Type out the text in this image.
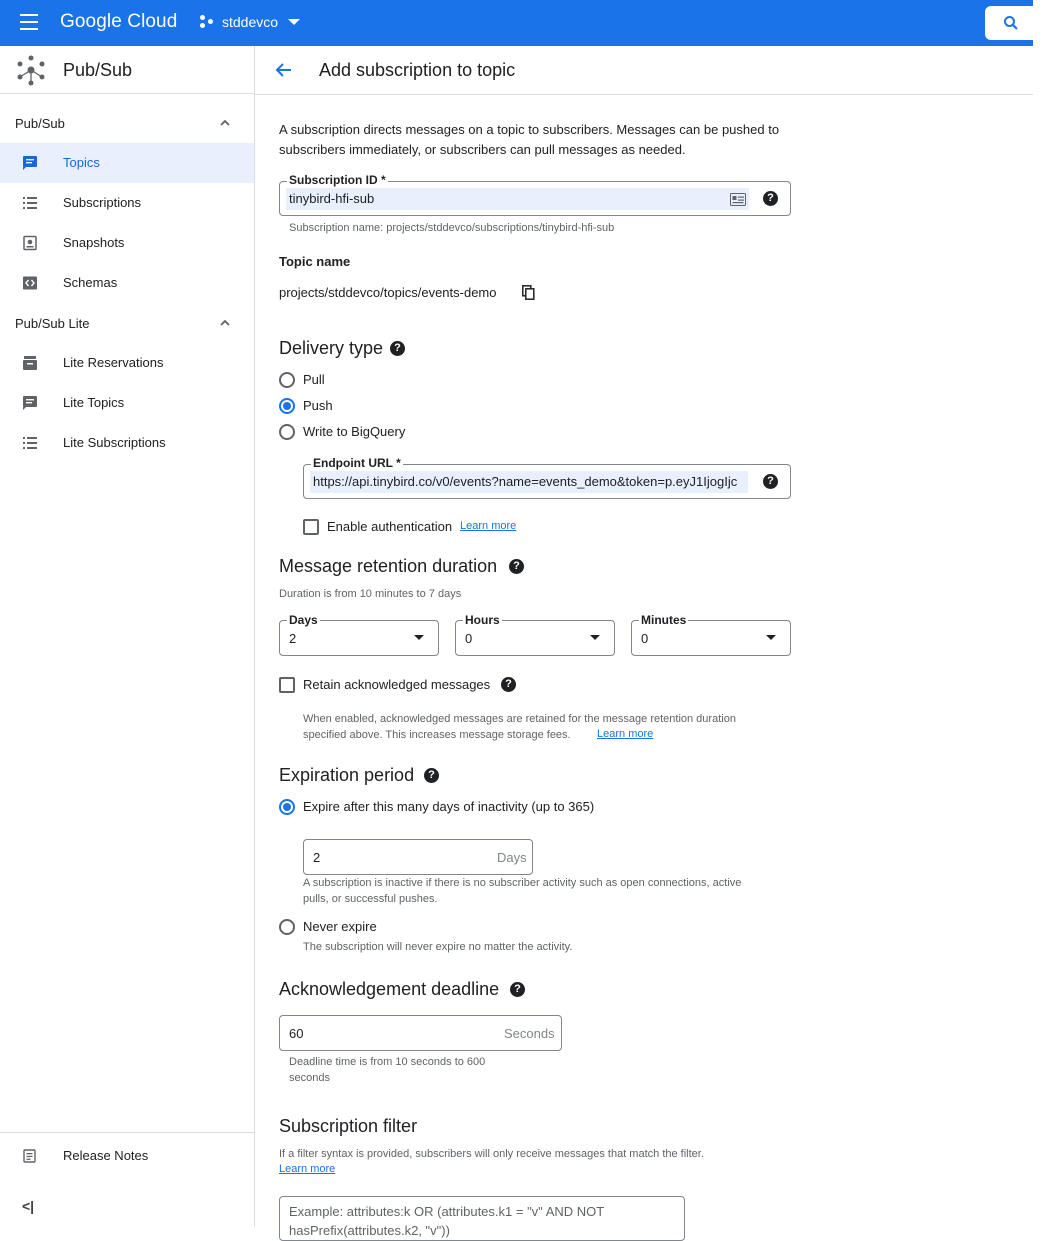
Google Cloud	stddevco
Pub/Sub
Pub/Sub
Topics
Subscriptions
Snapshots
Schemas
Pub/Sub Lite
Lite Reservations
Lite Topics
Lite Subscriptions
Release Notes
<|
Add subscription to topic
A subscription directs messages on a topic to subscribers. Messages can be pushed to subscribers immediately, or subscribers can pull messages as needed.
tinybird-hfi-sub	?
Subscription ID *
Subscription name: projects/stddevco/subscriptions/tinybird-hfi-sub
Topic name
projects/stddevco/topics/events-demo
Delivery type	?
Pull
Push
Write to BigQuery
https://api.tinybird.co/v0/events?name=events_demo&token=p.eyJ1IjogIjc	?
Endpoint URL *
Enable authentication Learn more
Message retention duration	?
Duration is from 10 minutes to 7 days
2
Days
0
Hours
0
Minutes
Retain acknowledged messages	?
When enabled, acknowledged messages are retained for the message retention duration
specified above. This increases message storage fees. Learn more
Expiration period	?
Expire after this many days of inactivity (up to 365)
2	Days
A subscription is inactive if there is no subscriber activity such as open connections, active
pulls, or successful pushes.
Never expire
The subscription will never expire no matter the activity.
Acknowledgement deadline	?
60	Seconds
Deadline time is from 10 seconds to 600
seconds
Subscription filter
If a filter syntax is provided, subscribers will only receive messages that match the filter.
Learn more
Example: attributes:k OR (attributes.k1 = "v" AND NOT
hasPrefix(attributes.k2, "v"))
